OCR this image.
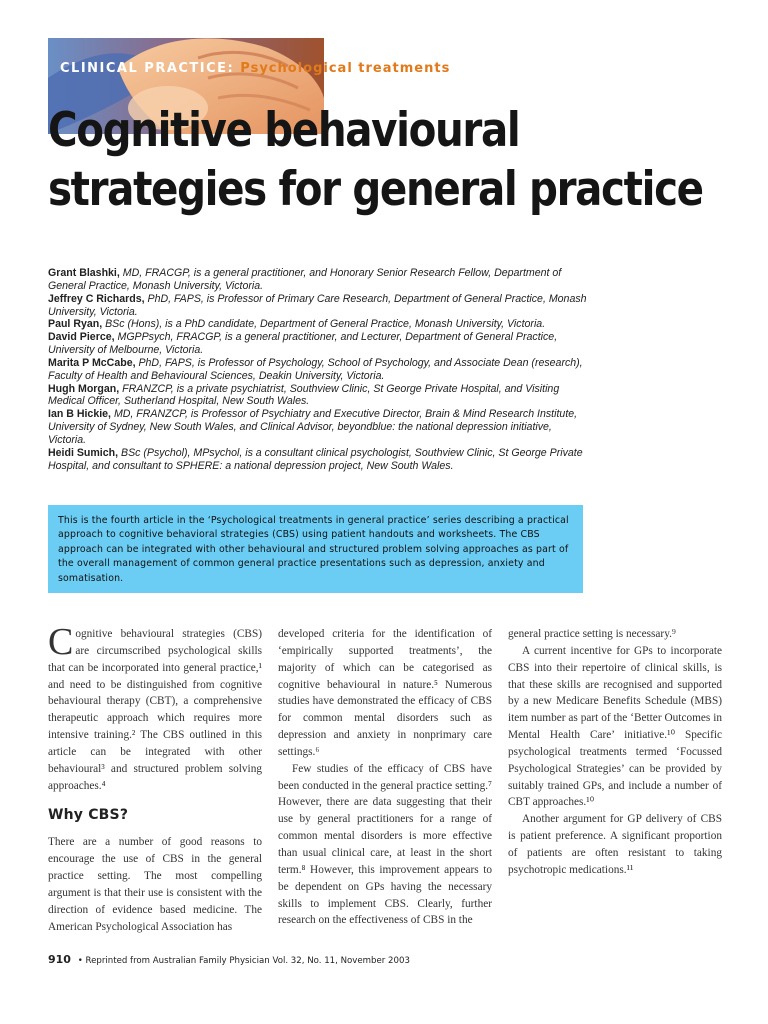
CLINICAL PRACTICE: Psychological treatments
Cognitive behavioural
strategies for general practice

Grant Blashki, MD, FRACGP, is a general practitioner, and Honorary Senior Research Fellow, Department of General Practice, Monash University, Victoria.

Jeffrey C Richards, PhD, FAPS, is Professor of Primary Care Research, Department of General Practice, Monash University, Victoria.

Paul Ryan, BSc (Hons), is a PhD candidate, Department of General Practice, Monash University, Victoria.

David Pierce, MGPPsych, FRACGP, is a general practitioner, and Lecturer, Department of General Practice, University of Melbourne, Victoria.

Marita P McCabe, PhD, FAPS, is Professor of Psychology, School of Psychology, and Associate Dean (research), Faculty of Health and Behavioural Sciences, Deakin University, Victoria.

Hugh Morgan, FRANZCP, is a private psychiatrist, Southview Clinic, St George Private Hospital, and Visiting Medical Officer, Sutherland Hospital, New South Wales.

Ian B Hickie, MD, FRANZCP, is Professor of Psychiatry and Executive Director, Brain & Mind Research Institute, University of Sydney, New South Wales, and Clinical Advisor, beyondblue: the national depression initiative, Victoria.

Heidi Sumich, BSc (Psychol), MPsychol, is a consultant clinical psychologist, Southview Clinic, St George Private Hospital, and consultant to SPHERE: a national depression project, New South Wales.

This is the fourth article in the ‘Psychological treatments in general practice’ series describing a practical approach to cognitive behavioral strategies (CBS) using patient handouts and worksheets. The CBS approach can be integrated with other behavioural and structured problem solving approaches as part of the overall management of common general practice presentations such as depression, anxiety and somatisation.

Cognitive behavioural strategies (CBS) are circumscribed psychological skills that can be incorporated into general practice,¹ and need to be distinguished from cognitive behavioural therapy (CBT), a comprehensive therapeutic approach which requires more intensive training.² The CBS outlined in this article can be integrated with other behavioural³ and structured problem solving approaches.⁴

Why CBS?

There are a number of good reasons to encourage the use of CBS in the general practice setting. The most compelling argument is that their use is consistent with the direction of evidence based medicine. The American Psychological Association has

developed criteria for the identification of ‘empirically supported treatments’, the majority of which can be categorised as cognitive behavioural in nature.⁵ Numerous studies have demonstrated the efficacy of CBS for common mental disorders such as depression and anxiety in nonprimary care settings.⁶

Few studies of the efficacy of CBS have been conducted in the general practice setting.⁷ However, there are data suggesting that their use by general practitioners for a range of common mental disorders is more effective than usual clinical care, at least in the short term.⁸ However, this improvement appears to be dependent on GPs having the necessary skills to implement CBS. Clearly, further research on the effectiveness of CBS in the

general practice setting is necessary.⁹

A current incentive for GPs to incorporate CBS into their repertoire of clinical skills, is that these skills are recognised and supported by a new Medicare Benefits Schedule (MBS) item number as part of the ‘Better Outcomes in Mental Health Care’ initiative.¹⁰ Specific psychological treatments termed ‘Focussed Psychological Strategies’ can be provided by suitably trained GPs, and include a number of CBT approaches.¹⁰

Another argument for GP delivery of CBS is patient preference. A significant proportion of patients are often resistant to taking psychotropic medications.¹¹

910 • Reprinted from Australian Family Physician Vol. 32, No. 11, November 2003
